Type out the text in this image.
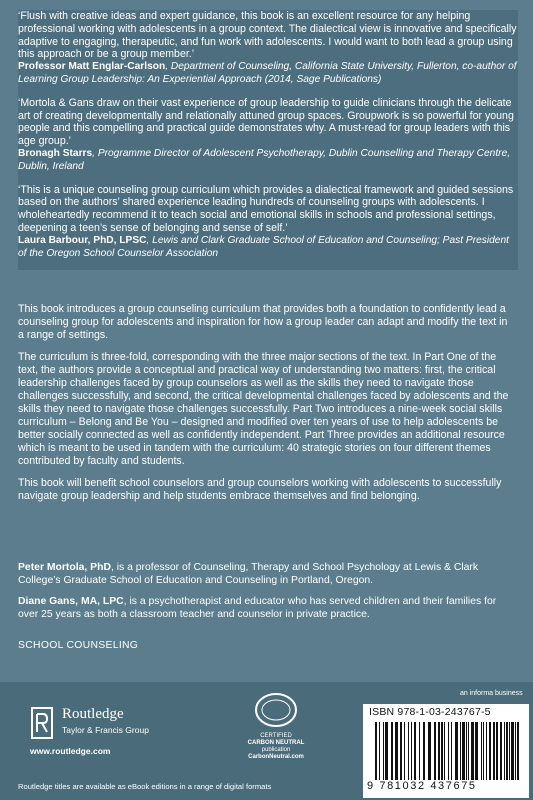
‘Flush with creative ideas and expert guidance, this book is an excellent resource for any helping professional working with adolescents in a group context. The dialectical view is innovative and specifically adaptive to engaging, therapeutic, and fun work with adolescents. I would want to both lead a group using this approach or be a group member.’

Professor Matt Englar-Carlson, Department of Counseling, California State University, Fullerton, co-author of Learning Group Leadership: An Experiential Approach (2014, Sage Publications)

‘Mortola & Gans draw on their vast experience of group leadership to guide clinicians through the delicate art of creating developmentally and relationally attuned group spaces. Groupwork is so powerful for young people and this compelling and practical guide demonstrates why. A must-read for group leaders with this age group.’

Bronagh Starrs, Programme Director of Adolescent Psychotherapy, Dublin Counselling and Therapy Centre, Dublin, Ireland

‘This is a unique counseling group curriculum which provides a dialectical framework and guided sessions based on the authors’ shared experience leading hundreds of counseling groups with adolescents. I wholeheartedly recommend it to teach social and emotional skills in schools and professional settings, deepening a teen’s sense of belonging and sense of self.’

Laura Barbour, PhD, LPSC, Lewis and Clark Graduate School of Education and Counseling; Past President of the Oregon School Counselor Association

This book introduces a group counseling curriculum that provides both a foundation to confidently lead a counseling group for adolescents and inspiration for how a group leader can adapt and modify the text in a range of settings.

The curriculum is three-fold, corresponding with the three major sections of the text. In Part One of the text, the authors provide a conceptual and practical way of understanding two matters: first, the critical leadership challenges faced by group counselors as well as the skills they need to navigate those challenges successfully, and second, the critical developmental challenges faced by adolescents and the skills they need to navigate those challenges successfully. Part Two introduces a nine-week social skills curriculum – Belong and Be You – designed and modified over ten years of use to help adolescents be better socially connected as well as confidently independent. Part Three provides an additional resource which is meant to be used in tandem with the curriculum: 40 strategic stories on four different themes contributed by faculty and students.

This book will benefit school counselors and group counselors working with adolescents to successfully navigate group leadership and help students embrace themselves and find belonging.

Peter Mortola, PhD, is a professor of Counseling, Therapy and School Psychology at Lewis & Clark College’s Graduate School of Education and Counseling in Portland, Oregon.

Diane Gans, MA, LPC, is a psychotherapist and educator who has served children and their families for over 25 years as both a classroom teacher and counselor in private practice.

SCHOOL COUNSELING
Routledge
Taylor & Francis Group
www.routledge.com
Routledge titles are available as eBook editions in a range of digital formats
CERTIFIED
CARBON NEUTRAL
publication
CarbonNeutral.com
an informa business
ISBN 978-1-03-243767-5
9 781032 437675
